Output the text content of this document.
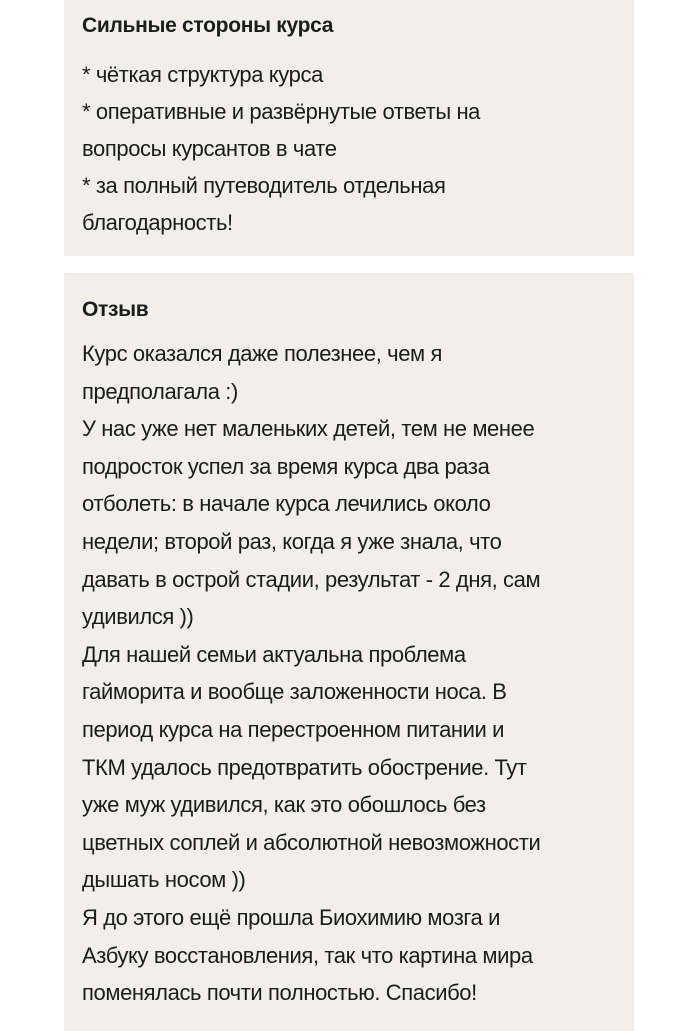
Сильные стороны курса
* чёткая структура курса
* оперативные и развёрнутые ответы на
вопросы курсантов в чате
* за полный путеводитель отдельная
благодарность!
Отзыв
Курс оказался даже полезнее, чем я
предполагала :)
У нас уже нет маленьких детей, тем не менее
подросток успел за время курса два раза
отболеть: в начале курса лечились около
недели; второй раз, когда я уже знала, что
давать в острой стадии, результат - 2 дня, сам
удивился ))
Для нашей семьи актуальна проблема
гайморита и вообще заложенности носа. В
период курса на перестроенном питании и
ТКМ удалось предотвратить обострение. Тут
уже муж удивился, как это обошлось без
цветных соплей и абсолютной невозможности
дышать носом ))
Я до этого ещё прошла Биохимию мозга и
Азбуку восстановления, так что картина мира
поменялась почти полностью. Спасибо!
